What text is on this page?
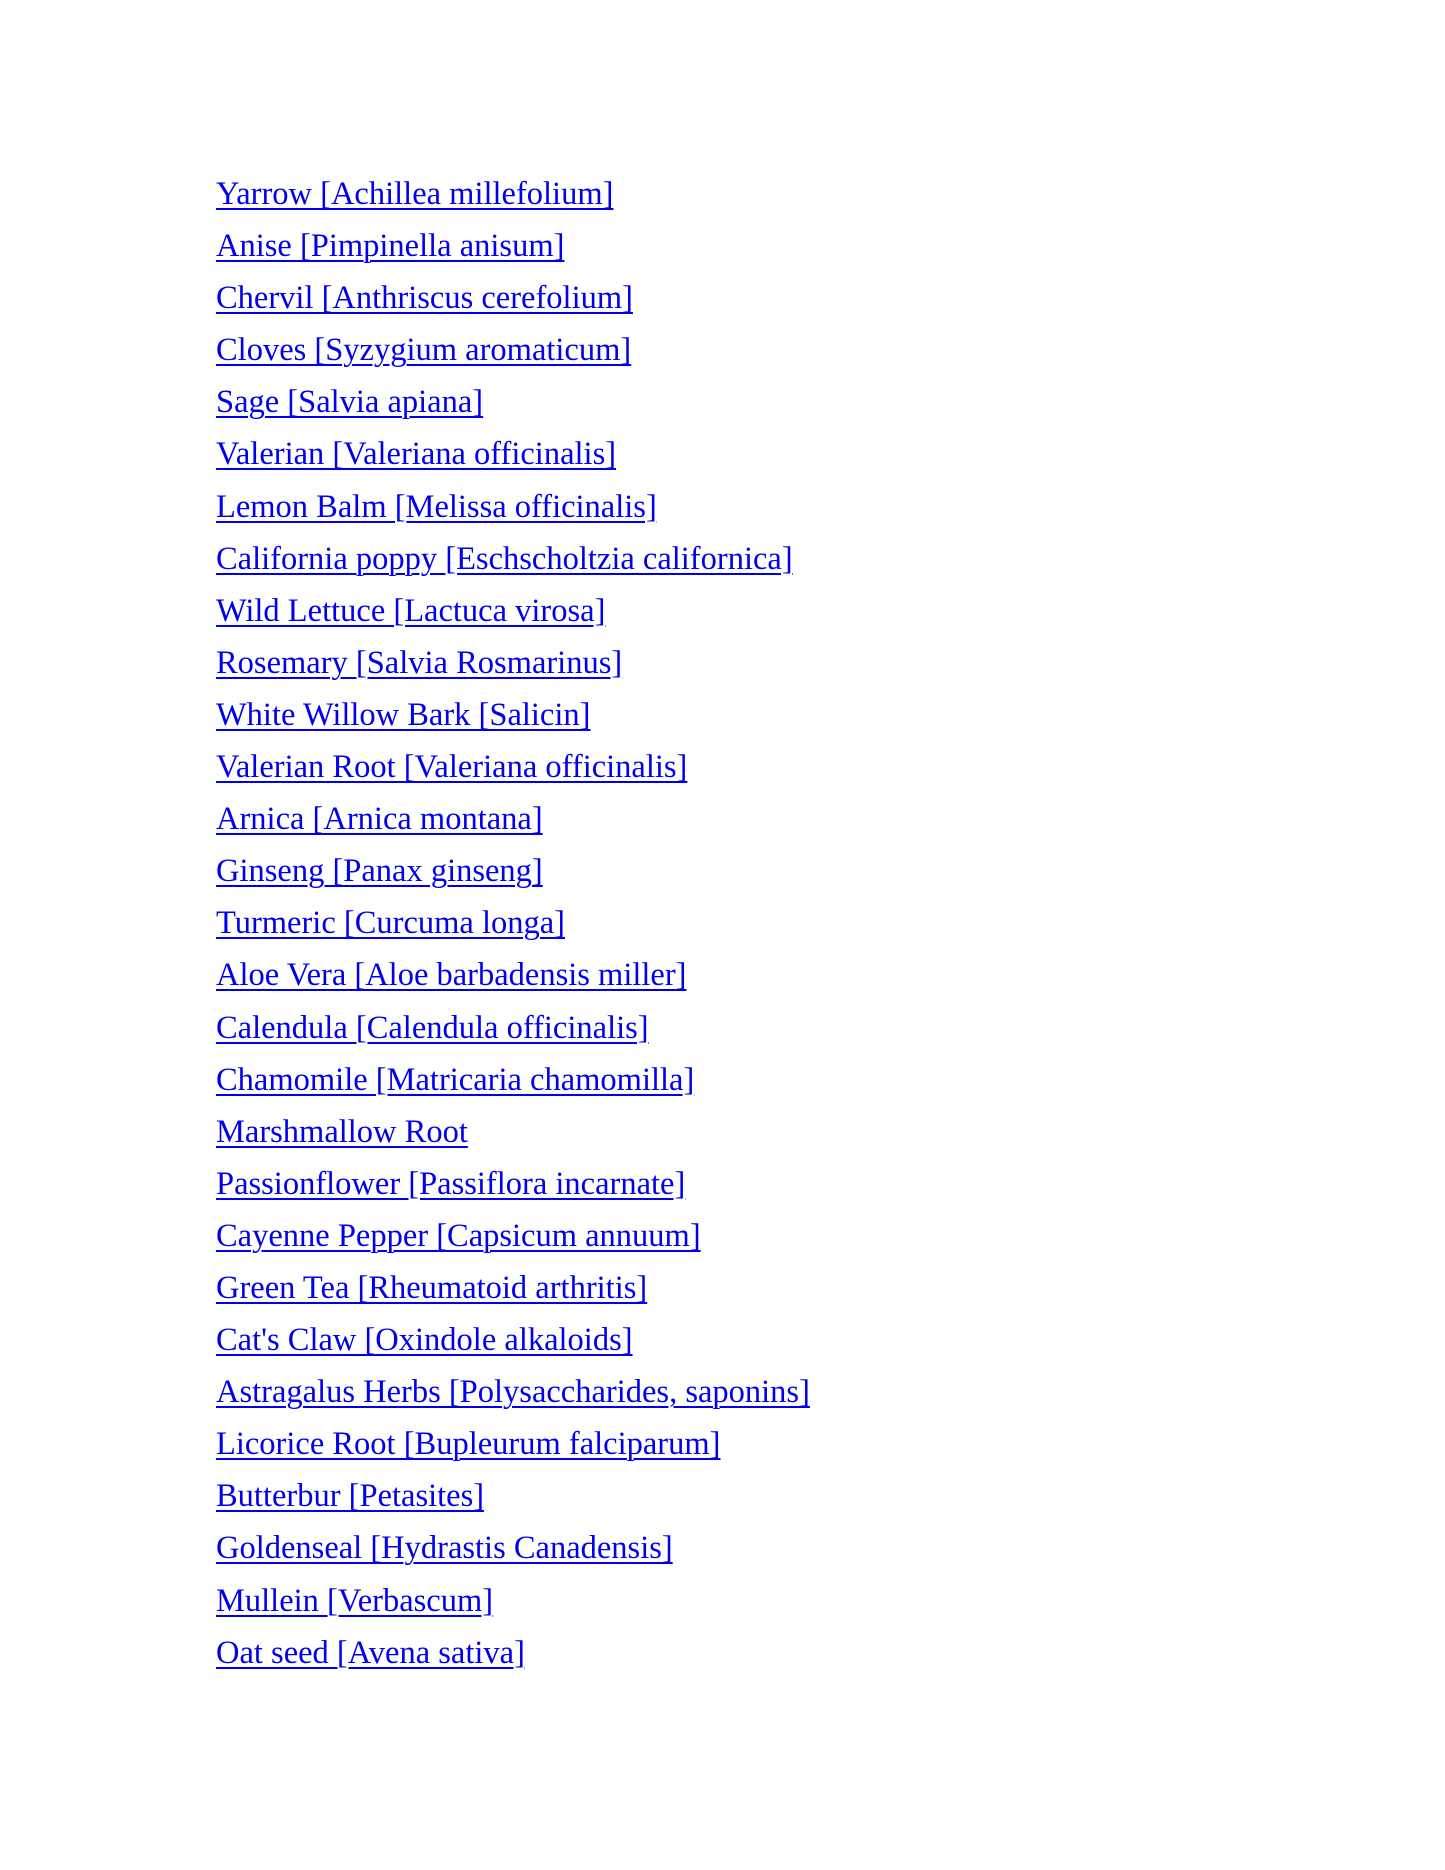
Yarrow [Achillea millefolium]
Anise [Pimpinella anisum]
Chervil [Anthriscus cerefolium]
Cloves [Syzygium aromaticum]
Sage [Salvia apiana]
Valerian [Valeriana officinalis]
Lemon Balm [Melissa officinalis]
California poppy [Eschscholtzia californica]
Wild Lettuce [Lactuca virosa]
Rosemary [Salvia Rosmarinus]
White Willow Bark [Salicin]
Valerian Root [Valeriana officinalis]
Arnica [Arnica montana]
Ginseng [Panax ginseng]
Turmeric [Curcuma longa]
Aloe Vera [Aloe barbadensis miller]
Calendula [Calendula officinalis]
Chamomile [Matricaria chamomilla]
Marshmallow Root
Passionflower [Passiflora incarnate]
Cayenne Pepper [Capsicum annuum]
Green Tea [Rheumatoid arthritis]
Cat's Claw [Oxindole alkaloids]
Astragalus Herbs [Polysaccharides, saponins]
Licorice Root [Bupleurum falciparum]
Butterbur [Petasites]
Goldenseal [Hydrastis Canadensis]
Mullein [Verbascum]
Oat seed [Avena sativa]
